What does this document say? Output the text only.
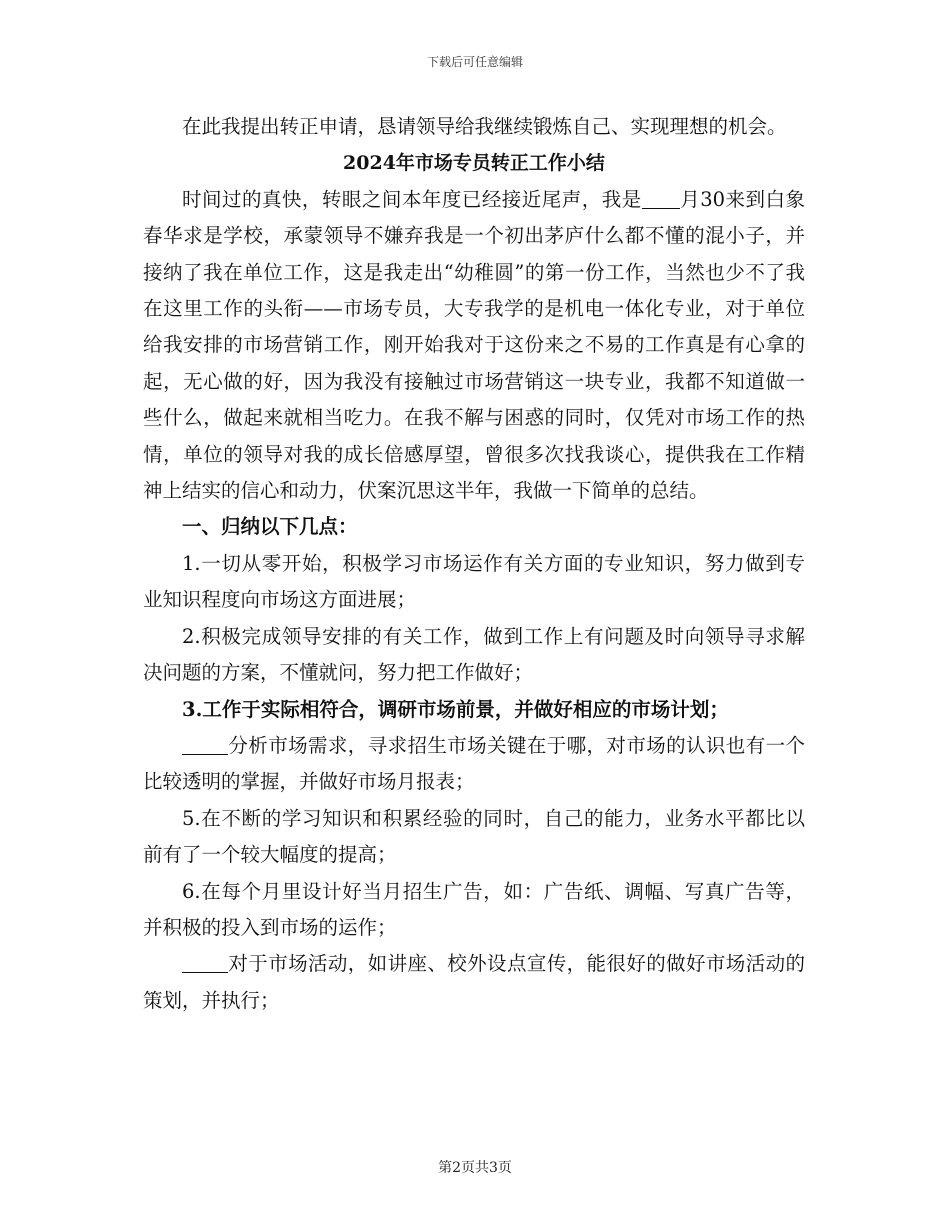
下载后可任意编辑

在此我提出转正申请，恳请领导给我继续锻炼自己、实现理想的机会。

2024年市场专员转正工作小结

时间过的真快，转眼之间本年度已经接近尾声，我是 月30来到白象春华求是学校，承蒙领导不嫌弃我是一个初出茅庐什么都不懂的混小子，并接纳了我在单位工作，这是我走出“幼稚圆”的第一份工作，当然也少不了我在这里工作的头衔——市场专员，大专我学的是机电一体化专业，对于单位给我安排的市场营销工作，刚开始我对于这份来之不易的工作真是有心拿的起，无心做的好，因为我没有接触过市场营销这一块专业，我都不知道做一些什么，做起来就相当吃力。在我不解与困惑的同时，仅凭对市场工作的热情，单位的领导对我的成长倍感厚望，曾很多次找我谈心，提供我在工作精神上结实的信心和动力，伏案沉思这半年，我做一下简单的总结。

一、归纳以下几点：

1.一切从零开始，积极学习市场运作有关方面的专业知识，努力做到专业知识程度向市场这方面进展；

2.积极完成领导安排的有关工作，做到工作上有问题及时向领导寻求解决问题的方案，不懂就问，努力把工作做好；

3.工作于实际相符合，调研市场前景，并做好相应的市场计划；

分析市场需求，寻求招生市场关键在于哪，对市场的认识也有一个比较透明的掌握，并做好市场月报表；

5.在不断的学习知识和积累经验的同时，自己的能力，业务水平都比以前有了一个较大幅度的提高；

6.在每个月里设计好当月招生广告，如：广告纸、调幅、写真广告等，并积极的投入到市场的运作；

对于市场活动，如讲座、校外设点宣传，能很好的做好市场活动的策划，并执行；

第2页共3页
